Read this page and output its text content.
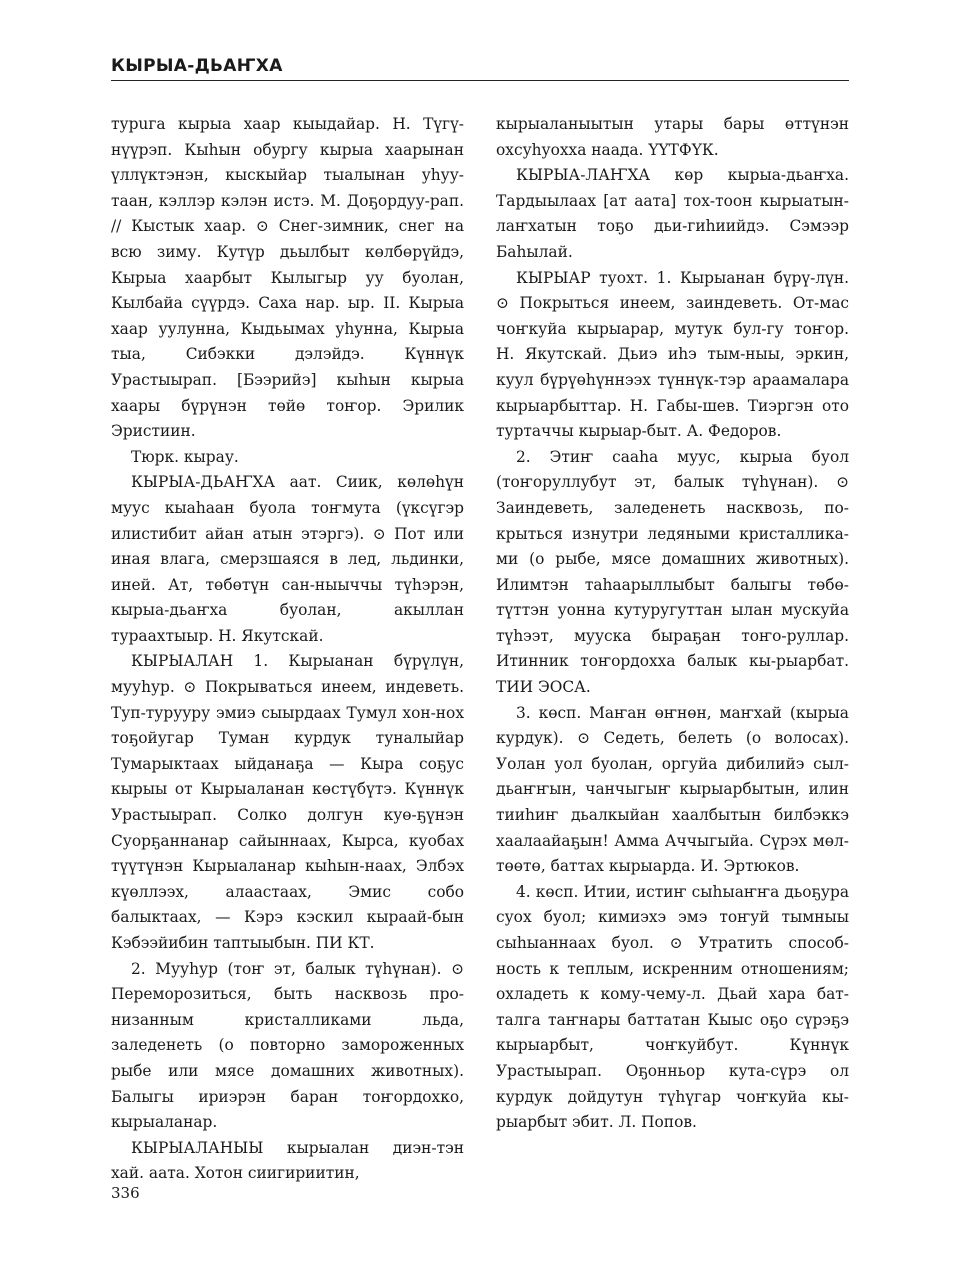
КЫРЫА-ДЬАҤХА

турuга кырыа хаар кыыдайар. Н. Түгү-нүүрэп. Кыһын обургу кырыа хаарынан үллүктэнэн, кыскыйар тыалынан уһуу-таан, кэллэр кэлэн истэ. М. Доҕордуу-рап. // Кыстык хаар. ⊙ Снег-зимник, снег на всю зиму. Кутүр дьылбыт көлбөрүйдэ, Кырыа хаарбыт Кылыгыр уу буолан, Кылбайа сүүрдэ. Саха нар. ыр. II. Кырыа хаар уулунна, Кыдьымах уһунна, Кырыа тыа, Сибэкки дэлэйдэ. Күннүк Урастыырап. [Бээрийэ] кыһын кырыа хаары бүрүнэн төйө тоҥор. Эрилик Эристиин.

Тюрк. кырау.

КЫРЫА-ДЬАҤХА аат. Сиик, көлөһүн муус кыаһаан буола тоҥмута (үксүгэр илистибит айан атын этэргэ). ⊙ Пот или иная влага, смерзшаяся в лед, льдинки, иней. Ат, төбөтүн сан-ныыччы түһэрэн, кырыа-дьаҥха буолан, акыллан тураахтыыр. Н. Якутскай.

КЫРЫАЛАН 1. Кырыанан бүрүлүн, мууһур. ⊙ Покрываться инеем, индеветь. Туп-турууру эмиэ сыырдаах Тумул хон-нох тоҕойугар Туман курдук туналыйар Тумарыктаах ыйданаҕа — Кыра соҕус кырыы от Кырыаланан көстүбүтэ. Күннүк Урастыырап. Солко долгун куө-ҕүнэн Суорҕаннанар сайыннаах, Кырса, куобах түүтүнэн Кырыаланар кыһын-наах, Элбэх күөллээх, алаастаах, Эмис собо балыктаах, — Кэрэ кэскил кыраай-бын Кэбээйибин таптыыбын. ПИ КТ.

2. Мууһур (тоҥ эт, балык түһүнан). ⊙ Переморозиться, быть насквозь про-низанным кристалликами льда, заледенеть (о повторно замороженных рыбе или мясе домашних животных). Балыгы ириэрэн баран тоҥордохко, кырыаланар.

КЫРЫАЛАНЫЫ кырыалан диэн-тэн хай. аата. Хотон сиигириитин,

кырыаланыытын утары бары өттүнэн охсуһуохха наада. ҮҮТФҮК.

КЫРЫА-ЛАҤХА көр кырыа-дьаҥха. Тардыылаах [ат аата] тох-тоон кырыатын-лаҥхатын тоҕо дьи-гиһиийдэ. Сэмээр Баһылай.

КЫРЫАР туохт. 1. Кырыанан бүрү-лүн. ⊙ Покрыться инеем, заиндеветь. От-мас чоҥкуйа кырыарар, мутук бул-гу тоҥор. Н. Якутскай. Дьиэ иһэ тым-ныы, эркин, куул бүрүөһүннээх түннүк-тэр араамалара кырыарбыттар. Н. Габы-шев. Тиэргэн ото туртаччы кырыар-быт. А. Федоров.

2. Этиҥ сааһа муус, кырыа буол (тоҥоруллубут эт, балык түһүнан). ⊙ Заиндеветь, заледенеть насквозь, по-крыться изнутри ледяными кристаллика-ми (о рыбе, мясе домашних животных). Илимтэн таһаарыллыбыт балыгы төбө-түттэн уонна кутуругуттан ылан мускуйа түһээт, мууска быраҕан тоҥо-руллар. Итинник тоҥордохха балык кы-рыарбат. ТИИ ЭОСА.

3. көсп. Маҥан өҥнөн, маҥхай (кырыа курдук). ⊙ Седеть, белеть (о волосах). Уолан уол буолан, оргуйа дибилийэ сыл-дьаҥҥын, чанчыгыҥ кырыарбытын, илин тииһиҥ дьалкыйан хаалбытын билбэккэ хаалаайаҕын! Амма Аччыгыйа. Сүрэх мөл-төөтө, баттах кырыарда. И. Эртюков.

4. көсп. Итии, истиҥ сыһыаҥҥа дьоҕура суох буол; кимиэхэ эмэ тоҥуй тымныы сыһыаннаах буол. ⊙ Утратить способ-ность к теплым, искренним отношениям; охладеть к кому-чему-л. Дьай хара бат-талга таҥнары баттатан Кыыс оҕо сүрэҕэ кырыарбыт, чоҥкуйбут. Күннүк Урастыырап. Оҕонньор кута-сүрэ ол курдук дойдутун түһүгар чоҥкуйа кы-рыарбыт эбит. Л. Попов.

336
